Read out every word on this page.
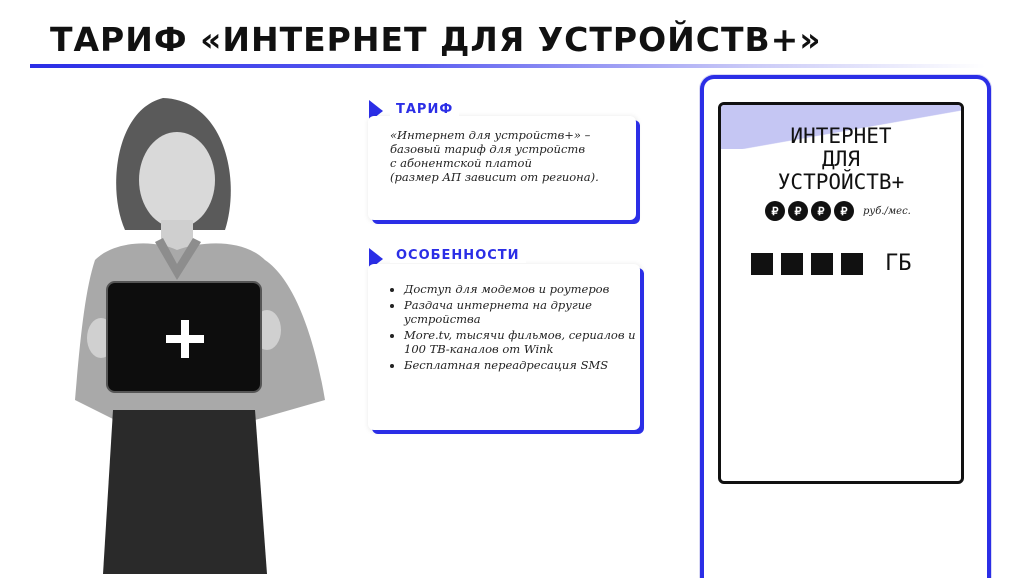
ТАРИФ «ИНТЕРНЕТ ДЛЯ УСТРОЙСТВ+»
«Интернет для устройств+» –
базовый тариф для устройств
с абонентской платой
(размер АП зависит от региона).
ТАРИФ
• Доступ для модемов и роутеров
• Раздача интернета на другие устройства
• More.tv, тысячи фильмов, сериалов и 100 ТВ-каналов от Wink
• Бесплатная переадресация SMS
ОСОБЕННОСТИ
ИНТЕРНЕТ
ДЛЯ
УСТРОЙСТВ+
₽	₽	₽	₽	руб./мес.
ГБ
